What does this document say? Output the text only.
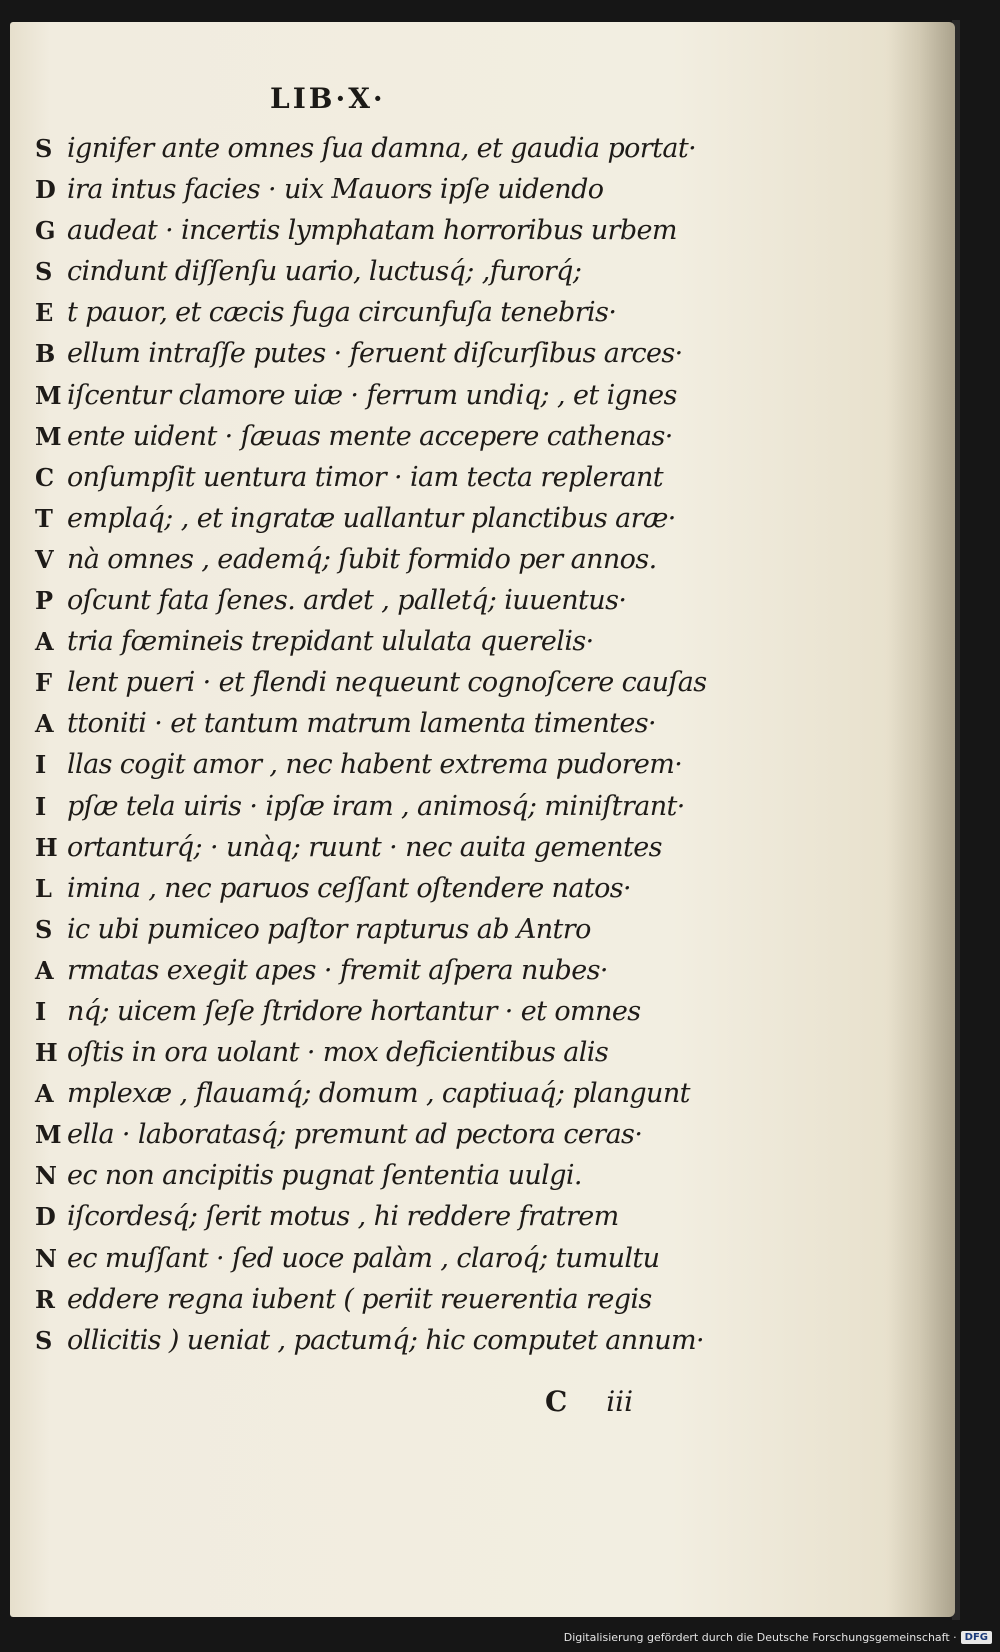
LIB·X·
S ignifer ante omnes ſua damna, et gaudia portat·
D ira intus facies · uix Mauors ipſe uidendo
G audeat · incertis lymphatam horroribus urbem
S cindunt diſſenſu uario, luctusq́; ,furorq́;
E t pauor, et cæcis fuga circunfuſa tenebris·
B ellum intraſſe putes · feruent diſcurſibus arces·
M iſcentur clamore uiæ · ferrum undiq; , et ignes
M ente uident · ſæuas mente accepere cathenas·
C onſumpſit uentura timor · iam tecta replerant
T emplaq́; , et ingratæ uallantur planctibus aræ·
V nà omnes , eademq́; ſubit formido per annos.
P oſcunt fata ſenes. ardet , palletq́; iuuentus·
A tria fœmineis trepidant ululata querelis·
F lent pueri · et flendi nequeunt cognoſcere cauſas
A ttoniti · et tantum matrum lamenta timentes·
I llas cogit amor , nec habent extrema pudorem·
I pſæ tela uiris · ipſæ iram , animosq́; miniſtrant·
H ortanturq́; · unàq; ruunt · nec auita gementes
L imina , nec paruos ceſſant oſtendere natos·
S ic ubi pumiceo paſtor rapturus ab Antro
A rmatas exegit apes · fremit aſpera nubes·
I nq́; uicem ſeſe ſtridore hortantur · et omnes
H oſtis in ora uolant · mox deficientibus alis
A mplexæ , flauamq́; domum , captiuaq́; plangunt
M ella · laboratasq́; premunt ad pectora ceras·
N ec non ancipitis pugnat ſententia uulgi.
D iſcordesq́; ſerit motus , hi reddere fratrem
N ec muſſant · ſed uoce palàm , claroq́; tumultu
R eddere regna iubent ( periit reuerentia regis
S ollicitis ) ueniat , pactumq́; hic computet annum·
C iii
Digitalisierung gefördert durch die Deutsche Forschungsgemeinschaft · DFG
